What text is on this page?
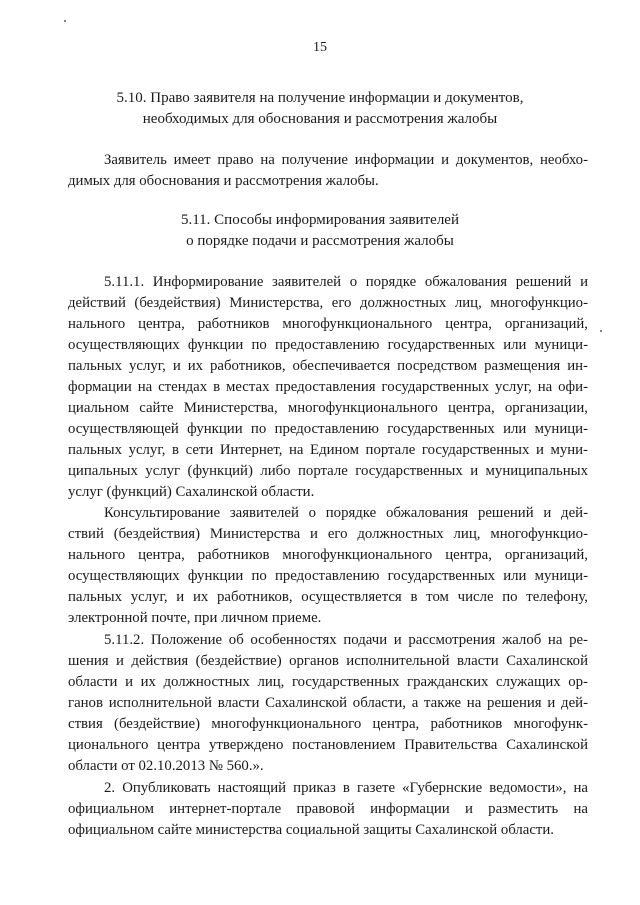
15
5.10. Право заявителя на получение информации и документов,
необходимых для обоснования и рассмотрения жалобы
Заявитель имеет право на получение информации и документов, необхо-
димых для обоснования и рассмотрения жалобы.
5.11. Способы информирования заявителей
о порядке подачи и рассмотрения жалобы
5.11.1. Информирование заявителей о порядке обжалования решений и
действий (бездействия) Министерства, его должностных лиц, многофункцио-
нального центра, работников многофункционального центра, организаций,
осуществляющих функции по предоставлению государственных или муници-
пальных услуг, и их работников, обеспечивается посредством размещения ин-
формации на стендах в местах предоставления государственных услуг, на офи-
циальном сайте Министерства, многофункционального центра, организации,
осуществляющей функции по предоставлению государственных или муници-
пальных услуг, в сети Интернет, на Едином портале государственных и муни-
ципальных услуг (функций) либо портале государственных и муниципальных
услуг (функций) Сахалинской области.
Консультирование заявителей о порядке обжалования решений и дей-
ствий (бездействия) Министерства и его должностных лиц, многофункцио-
нального центра, работников многофункционального центра, организаций,
осуществляющих функции по предоставлению государственных или муници-
пальных услуг, и их работников, осуществляется в том числе по телефону,
электронной почте, при личном приеме.
5.11.2. Положение об особенностях подачи и рассмотрения жалоб на ре-
шения и действия (бездействие) органов исполнительной власти Сахалинской
области и их должностных лиц, государственных гражданских служащих ор-
ганов исполнительной власти Сахалинской области, а также на решения и дей-
ствия (бездействие) многофункционального центра, работников многофунк-
ционального центра утверждено постановлением Правительства Сахалинской
области от 02.10.2013 № 560.».
2. Опубликовать настоящий приказ в газете «Губернские ведомости», на
официальном интернет-портале правовой информации и разместить на
официальном сайте министерства социальной защиты Сахалинской области.
